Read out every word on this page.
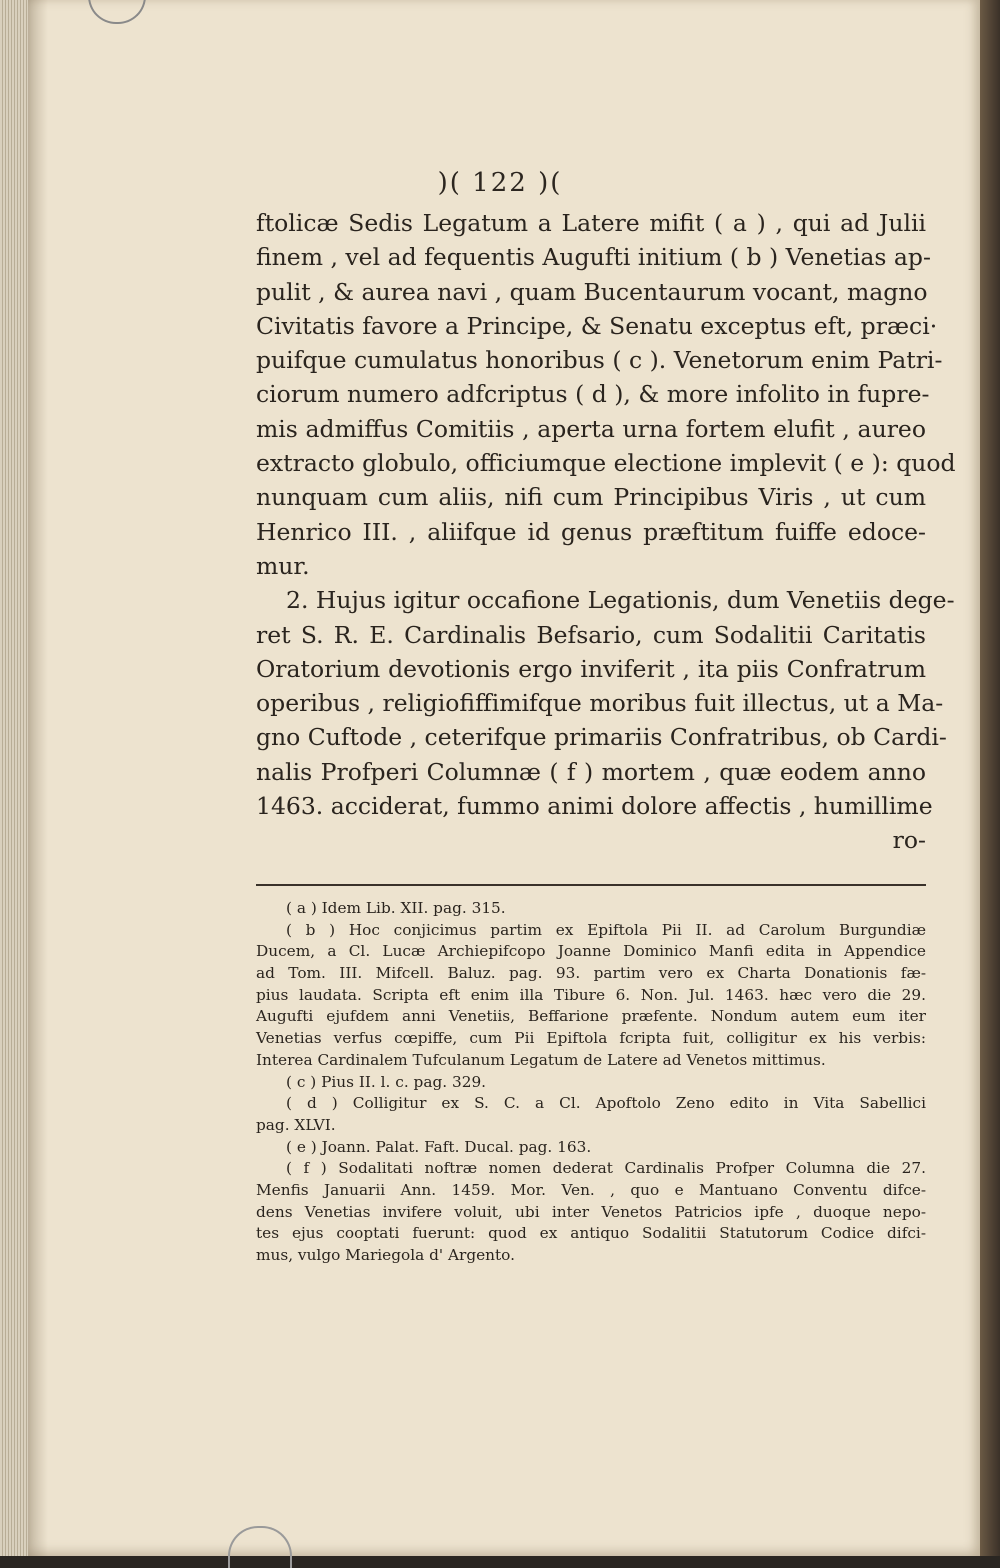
)( 122 )(
ftolicæ Sedis Legatum a Latere mifit ( a ) , qui ad Julii
finem , vel ad fequentis Augufti initium ( b ) Venetias ap-
pulit , & aurea navi , quam Bucentaurum vocant, magno
Civitatis favore a Principe, & Senatu exceptus eft, præci·
puifque cumulatus honoribus ( c ). Venetorum enim Patri-
ciorum numero adfcriptus ( d ), & more infolito in fupre-
mis admiffus Comitiis , aperta urna fortem elufit , aureo
extracto globulo, officiumque electione implevit ( e ): quod
nunquam cum aliis, nifi cum Principibus Viris , ut cum
Henrico III. , aliifque id genus præftitum fuiffe edoce-
mur.
2. Hujus igitur occafione Legationis, dum Venetiis dege-
ret S. R. E. Cardinalis Befsario, cum Sodalitii Caritatis
Oratorium devotionis ergo inviferit , ita piis Confratrum
operibus , religiofiffimifque moribus fuit illectus, ut a Ma-
gno Cuftode , ceterifque primariis Confratribus, ob Cardi-
nalis Profperi Columnæ ( f ) mortem , quæ eodem anno
1463. acciderat, fummo animi dolore affectis , humillime
ro-
( a ) Idem Lib. XII. pag. 315.
( b ) Hoc conjicimus partim ex Epiftola Pii II. ad Carolum Burgundiæ
Ducem, a Cl. Lucæ Archiepifcopo Joanne Dominico Manfi edita in Appendice
ad Tom. III. Mifcell. Baluz. pag. 93. partim vero ex Charta Donationis fæ-
pius laudata. Scripta eft enim illa Tibure 6. Non. Jul. 1463. hæc vero die 29.
Augufti ejufdem anni Venetiis, Beffarione præfente. Nondum autem eum iter
Venetias verfus cœpiffe, cum Pii Epiftola fcripta fuit, colligitur ex his verbis:
Interea Cardinalem Tufculanum Legatum de Latere ad Venetos mittimus.
( c ) Pius II. l. c. pag. 329.
( d ) Colligitur ex S. C. a Cl. Apoftolo Zeno edito in Vita Sabellici
pag. XLVI.
( e ) Joann. Palat. Faft. Ducal. pag. 163.
( f ) Sodalitati noftræ nomen dederat Cardinalis Profper Columna die 27.
Menfis Januarii Ann. 1459. Mor. Ven. , quo e Mantuano Conventu difce-
dens Venetias invifere voluit, ubi inter Venetos Patricios ipfe , duoque nepo-
tes ejus cooptati fuerunt: quod ex antiquo Sodalitii Statutorum Codice difci-
mus, vulgo Mariegola d' Argento.
